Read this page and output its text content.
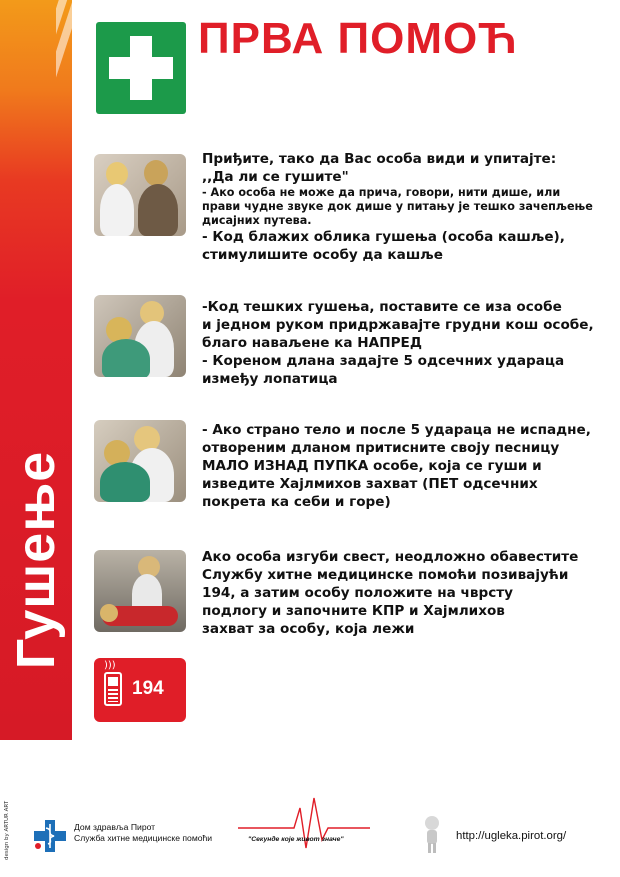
Гушење
ПРВА ПОМОЋ
Приђите, тако да Вас особа види и упитајте:
,,Да ли се гушите"
- Ако особа не може да прича, говори, нити дише, или
прави чудне звуке док дише у питању је тешко зачепљење
дисајних путева.
- Код блажих облика гушења (особа кашље),
стимулишите особу да кашље
-Код тешких гушења, поставите се иза особе
и једном руком придржавајте грудни кош особе,
благо наваљене ка НАПРЕД
- Кореном длана задајте 5 одсечних удараца
између лопатица
- Ако страно тело и после 5 удараца не испадне,
отвореним дланом притисните своју песницу
МАЛО ИЗНАД ПУПКА особе, која се гуши и
изведите Хајлмихов захват (ПЕТ одсечних
покрета ка себи и горе)
Ако особа изгуби свест, неодложно обавестите
Службу хитне медицинске помоћи позивајући
194, а затим особу положите на чврсту
подлогу и започните КПР и Хајмлихов
захват за особу, која лежи
)))
194
design by ARTUR ART	Дом здравља Пирот
Служба хитне медицинске помоћи	"Секунде које живот значе"	http://ugleka.pirot.org/
